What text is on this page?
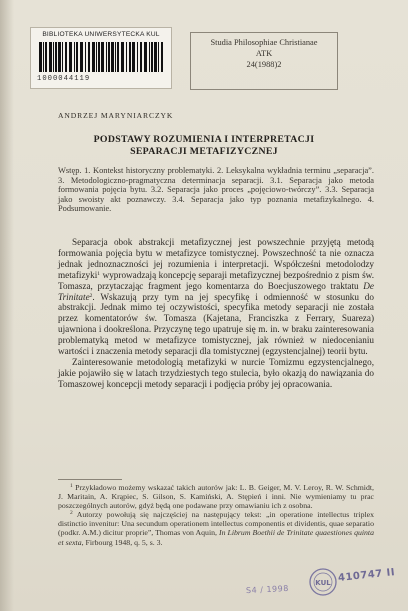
BIBLIOTEKA UNIWERSYTECKA KUL
1000044119
Studia Philosophiae Christianae
ATK
24(1988)2
ANDRZEJ MARYNIARCZYK
PODSTAWY ROZUMIENIA I INTERPRETACJI
SEPARACJI METAFIZYCZNEJ
Wstęp. 1. Kontekst historyczny problematyki. 2. Leksykalna wykładnia terminu „separacja”. 3. Metodologiczno-pragmatyczna determinacja separacji. 3.1. Separacja jako metoda formowania pojęcia bytu. 3.2. Separacja jako proces „pojęciowo-twórczy”. 3.3. Separacja jako swoisty akt poznawczy. 3.4. Separacja jako typ poznania metafizykalnego. 4. Podsumowanie.

Separacja obok abstrakcji metafizycznej jest powszechnie przyjętą metodą formowania pojęcia bytu w metafizyce tomistycznej. Powszechność ta nie oznacza jednak jednoznaczności jej rozumienia i interpretacji. Współcześni metodolodzy metafizyki$^1$ wyprowadzają koncepcję separaji metafizycznej bezpośrednio z pism św. Tomasza, przytaczając fragment jego komentarza do Boecjuszowego traktatu De Trinitate$^2$. Wskazują przy tym na jej specyfikę i odmienność w stosunku do abstrakcji. Jednak mimo tej oczywistości, specyfika metody separacji nie została przez komentatorów św. Tomasza (Kajetana, Franciszka z Ferrary, Suareza) ujawniona i dookreślona. Przyczynę tego upatruje się m. in. w braku zainteresowania problematyką metod w metafizyce tomistycznej, jak również w niedocenianiu wartości i znaczenia metody separacji dla tomistycznej (egzystencjalnej) teorii bytu.

Zainteresowanie metodologią metafizyki w nurcie Tomizmu egzystencjalnego, jakie pojawiło się w latach trzydziestych tego stulecia, było okazją do nawiązania do Tomaszowej koncepcji metody separacji i podjęcia próby jej opracowania.

$^1$ Przykładowo możemy wskazać takich autorów jak: L. B. Geiger, M. V. Leroy, R. W. Schmidt, J. Maritain, A. Krąpiec, S. Gilson, S. Kamiński, A. Stępień i inni. Nie wymieniamy tu prac poszczególnych autorów, gdyż będą one podawane przy omawianiu ich z osobna.

$^2$ Autorzy powołują się najczęściej na następujący tekst: „in operatione intellectus triplex distinctio invenitur: Una secundum operationem intellectus componentis et dividentis, quae separatio (podkr. A.M.) dicitur proprie”, Thomas von Aquin, In Librum Boethii de Trinitate quaestiones quinta et sexta, Firbourg 1948, q. 5, s. 3.

S4 / 1998
KUL 410747 II
